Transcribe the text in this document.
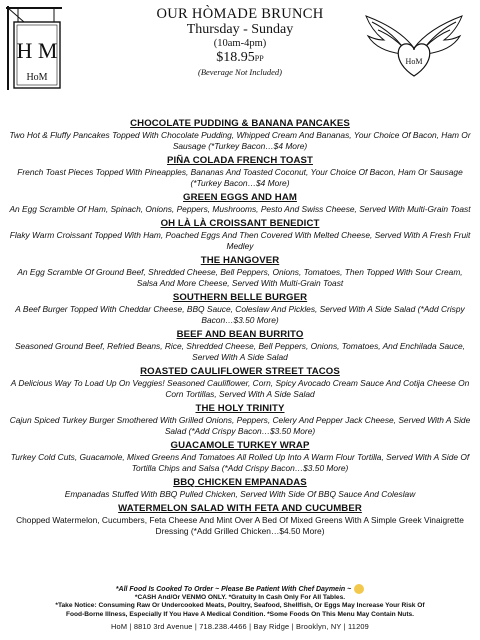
H M
HoM
OUR HÒMADE BRUNCH
Thursday - Sunday
(10am-4pm)
$18.95PP
(Beverage Not Included)
HoM
CHOCOLATE PUDDING & BANANA PANCAKES
Two Hot & Fluffy Pancakes Topped With Chocolate Pudding, Whipped Cream And Bananas, Your Choice Of Bacon, Ham Or Sausage (*Turkey Bacon…$4 More)
PIÑA COLADA FRENCH TOAST
French Toast Pieces Topped With Pineapples, Bananas And Toasted Coconut, Your Choice Of Bacon, Ham Or Sausage (*Turkey Bacon…$4 More)
GREEN EGGS AND HAM
An Egg Scramble Of Ham, Spinach, Onions, Peppers, Mushrooms, Pesto And Swiss Cheese, Served With Multi-Grain Toast
OH LÀ LÀ CROISSANT BENEDICT
Flaky Warm Croissant Topped With Ham, Poached Eggs And Then Covered With Melted Cheese, Served With A Fresh Fruit Medley
THE HANGOVER
An Egg Scramble Of Ground Beef, Shredded Cheese, Bell Peppers, Onions, Tomatoes, Then Topped With Sour Cream, Salsa And More Cheese, Served With Multi-Grain Toast
SOUTHERN BELLE BURGER
A Beef Burger Topped With Cheddar Cheese, BBQ Sauce, Coleslaw And Pickles, Served With A Side Salad (*Add Crispy Bacon…$3.50 More)
BEEF AND BEAN BURRITO
Seasoned Ground Beef, Refried Beans, Rice, Shredded Cheese, Bell Peppers, Onions, Tomatoes, And Enchilada Sauce, Served With A Side Salad
ROASTED CAULIFLOWER STREET TACOS
A Delicious Way To Load Up On Veggies! Seasoned Cauliflower, Corn, Spicy Avocado Cream Sauce And Cotija Cheese On Corn Tortillas, Served With A Side Salad
THE HOLY TRINITY
Cajun Spiced Turkey Burger Smothered With Grilled Onions, Peppers, Celery And Pepper Jack Cheese, Served With A Side Salad (*Add Crispy Bacon…$3.50 More)
GUACAMOLE TURKEY WRAP
Turkey Cold Cuts, Guacamole, Mixed Greens And Tomatoes All Rolled Up Into A Warm Flour Tortilla, Served With A Side Of Tortilla Chips and Salsa (*Add Crispy Bacon…$3.50 More)
BBQ CHICKEN EMPANADAS
Empanadas Stuffed With BBQ Pulled Chicken, Served With Side Of BBQ Sauce And Coleslaw
WATERMELON SALAD WITH FETA AND CUCUMBER
Chopped Watermelon, Cucumbers, Feta Cheese And Mint Over A Bed Of Mixed Greens With A Simple Greek Vinaigrette Dressing (*Add Grilled Chicken…$4.50 More)
*All Food Is Cooked To Order ~ Please Be Patient With Chef Daymein ~
*CASH And/Or VENMO ONLY. *Gratuity In Cash Only For All Tables.
*Take Notice: Consuming Raw Or Undercooked Meats, Poultry, Seafood, Shellfish, Or Eggs May Increase Your Risk Of
Food-Borne Illness, Especially If You Have A Medical Condition. *Some Foods On This Menu May Contain Nuts.
HoM | 8810 3rd Avenue | 718.238.4466 | Bay Ridge | Brooklyn, NY | 11209
